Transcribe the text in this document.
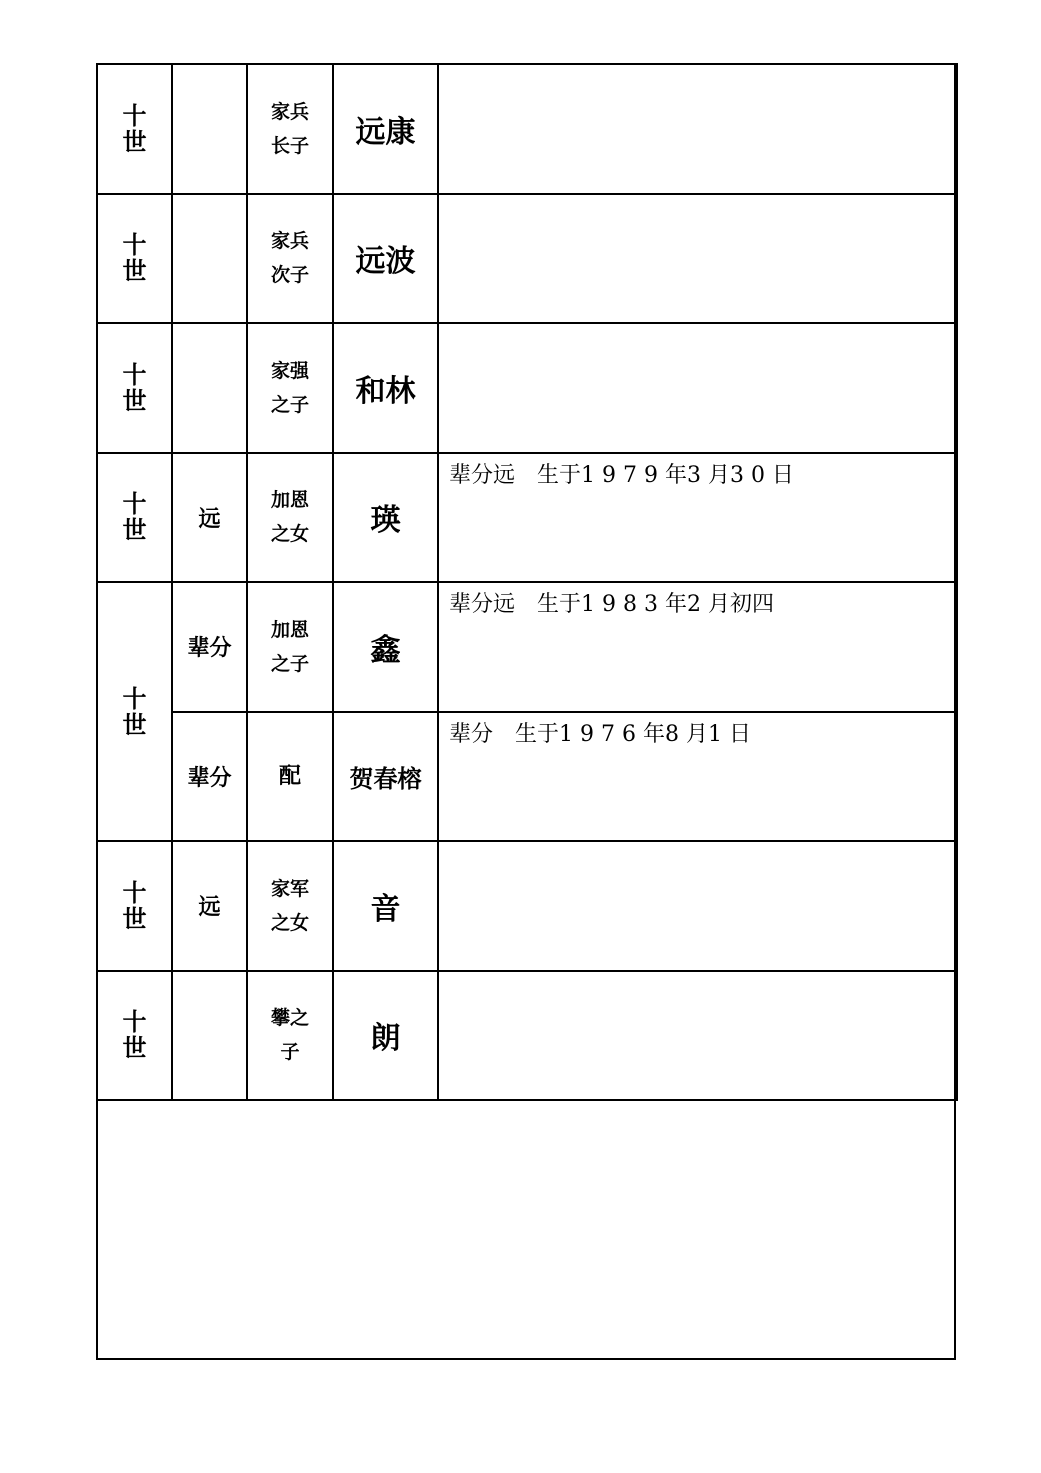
十世		家兵长子	远康	

十世		家兵次子	远波	

十世		家强之子	和林	

十世	远	加恩之女	瑛	辈分远　生于1 9 7 9 年3 月3 0 日

十世	辈分	加恩之子	鑫	辈分远　生于1 9 8 3 年2 月初四

	辈分	配	贺春榕	辈分　生于1 9 7 6 年8 月1 日

十世	远	家军之女	音	

十世		攀之子	朗	
